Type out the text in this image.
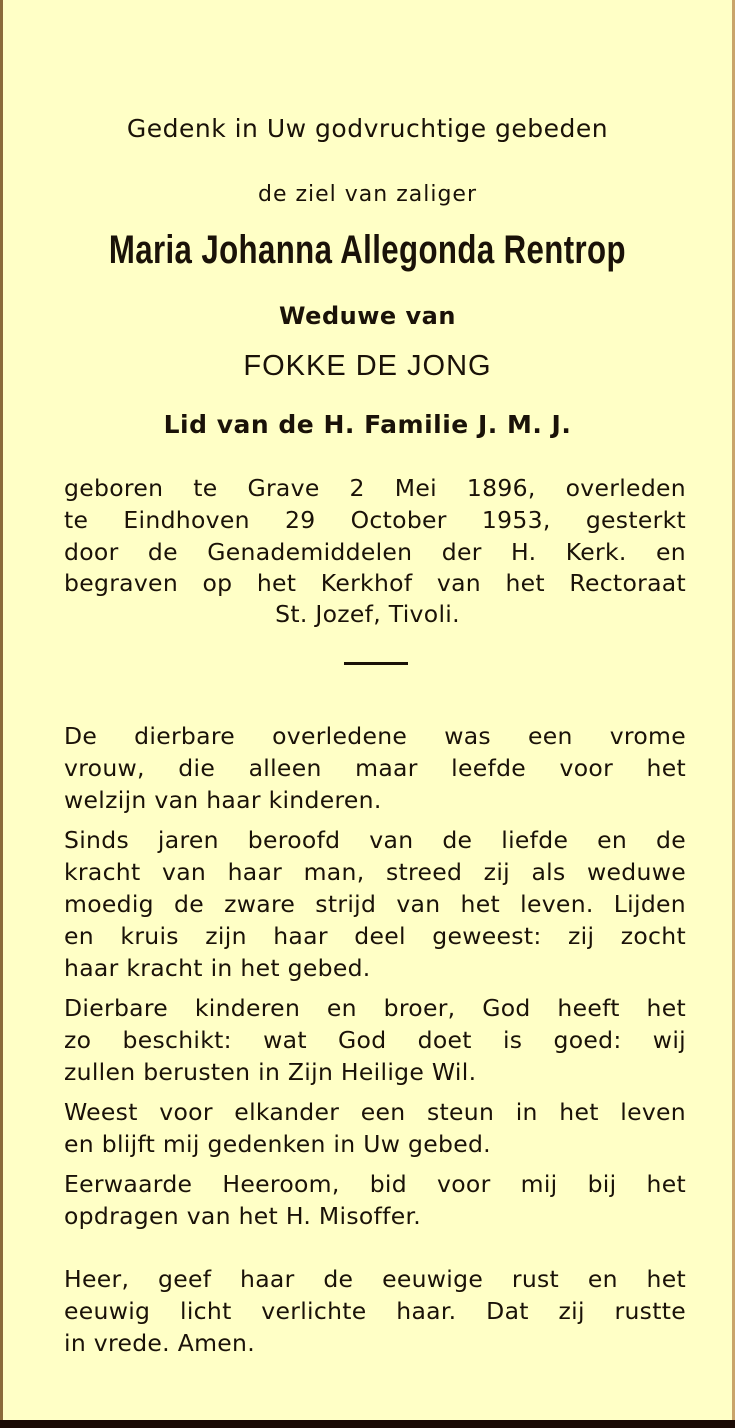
Gedenk in Uw godvruchtige gebeden
de ziel van zaliger
Maria Johanna Allegonda Rentrop
Weduwe van
FOKKE DE JONG
Lid van de H. Familie J. M. J.
geboren te Grave 2 Mei 1896, overleden
te Eindhoven 29 October 1953, gesterkt
door de Genademiddelen der H. Kerk. en
begraven op het Kerkhof van het Rectoraat
St. Jozef, Tivoli.
De dierbare overledene was een vrome
vrouw, die alleen maar leefde voor het
welzijn van haar kinderen.
Sinds jaren beroofd van de liefde en de
kracht van haar man, streed zij als weduwe
moedig de zware strijd van het leven. Lijden
en kruis zijn haar deel geweest: zij zocht
haar kracht in het gebed.
Dierbare kinderen en broer, God heeft het
zo beschikt: wat God doet is goed: wij
zullen berusten in Zijn Heilige Wil.
Weest voor elkander een steun in het leven
en blijft mij gedenken in Uw gebed.
Eerwaarde Heeroom, bid voor mij bij het
opdragen van het H. Misoffer.
Heer, geef haar de eeuwige rust en het
eeuwig licht verlichte haar. Dat zij rustte
in vrede. Amen.
